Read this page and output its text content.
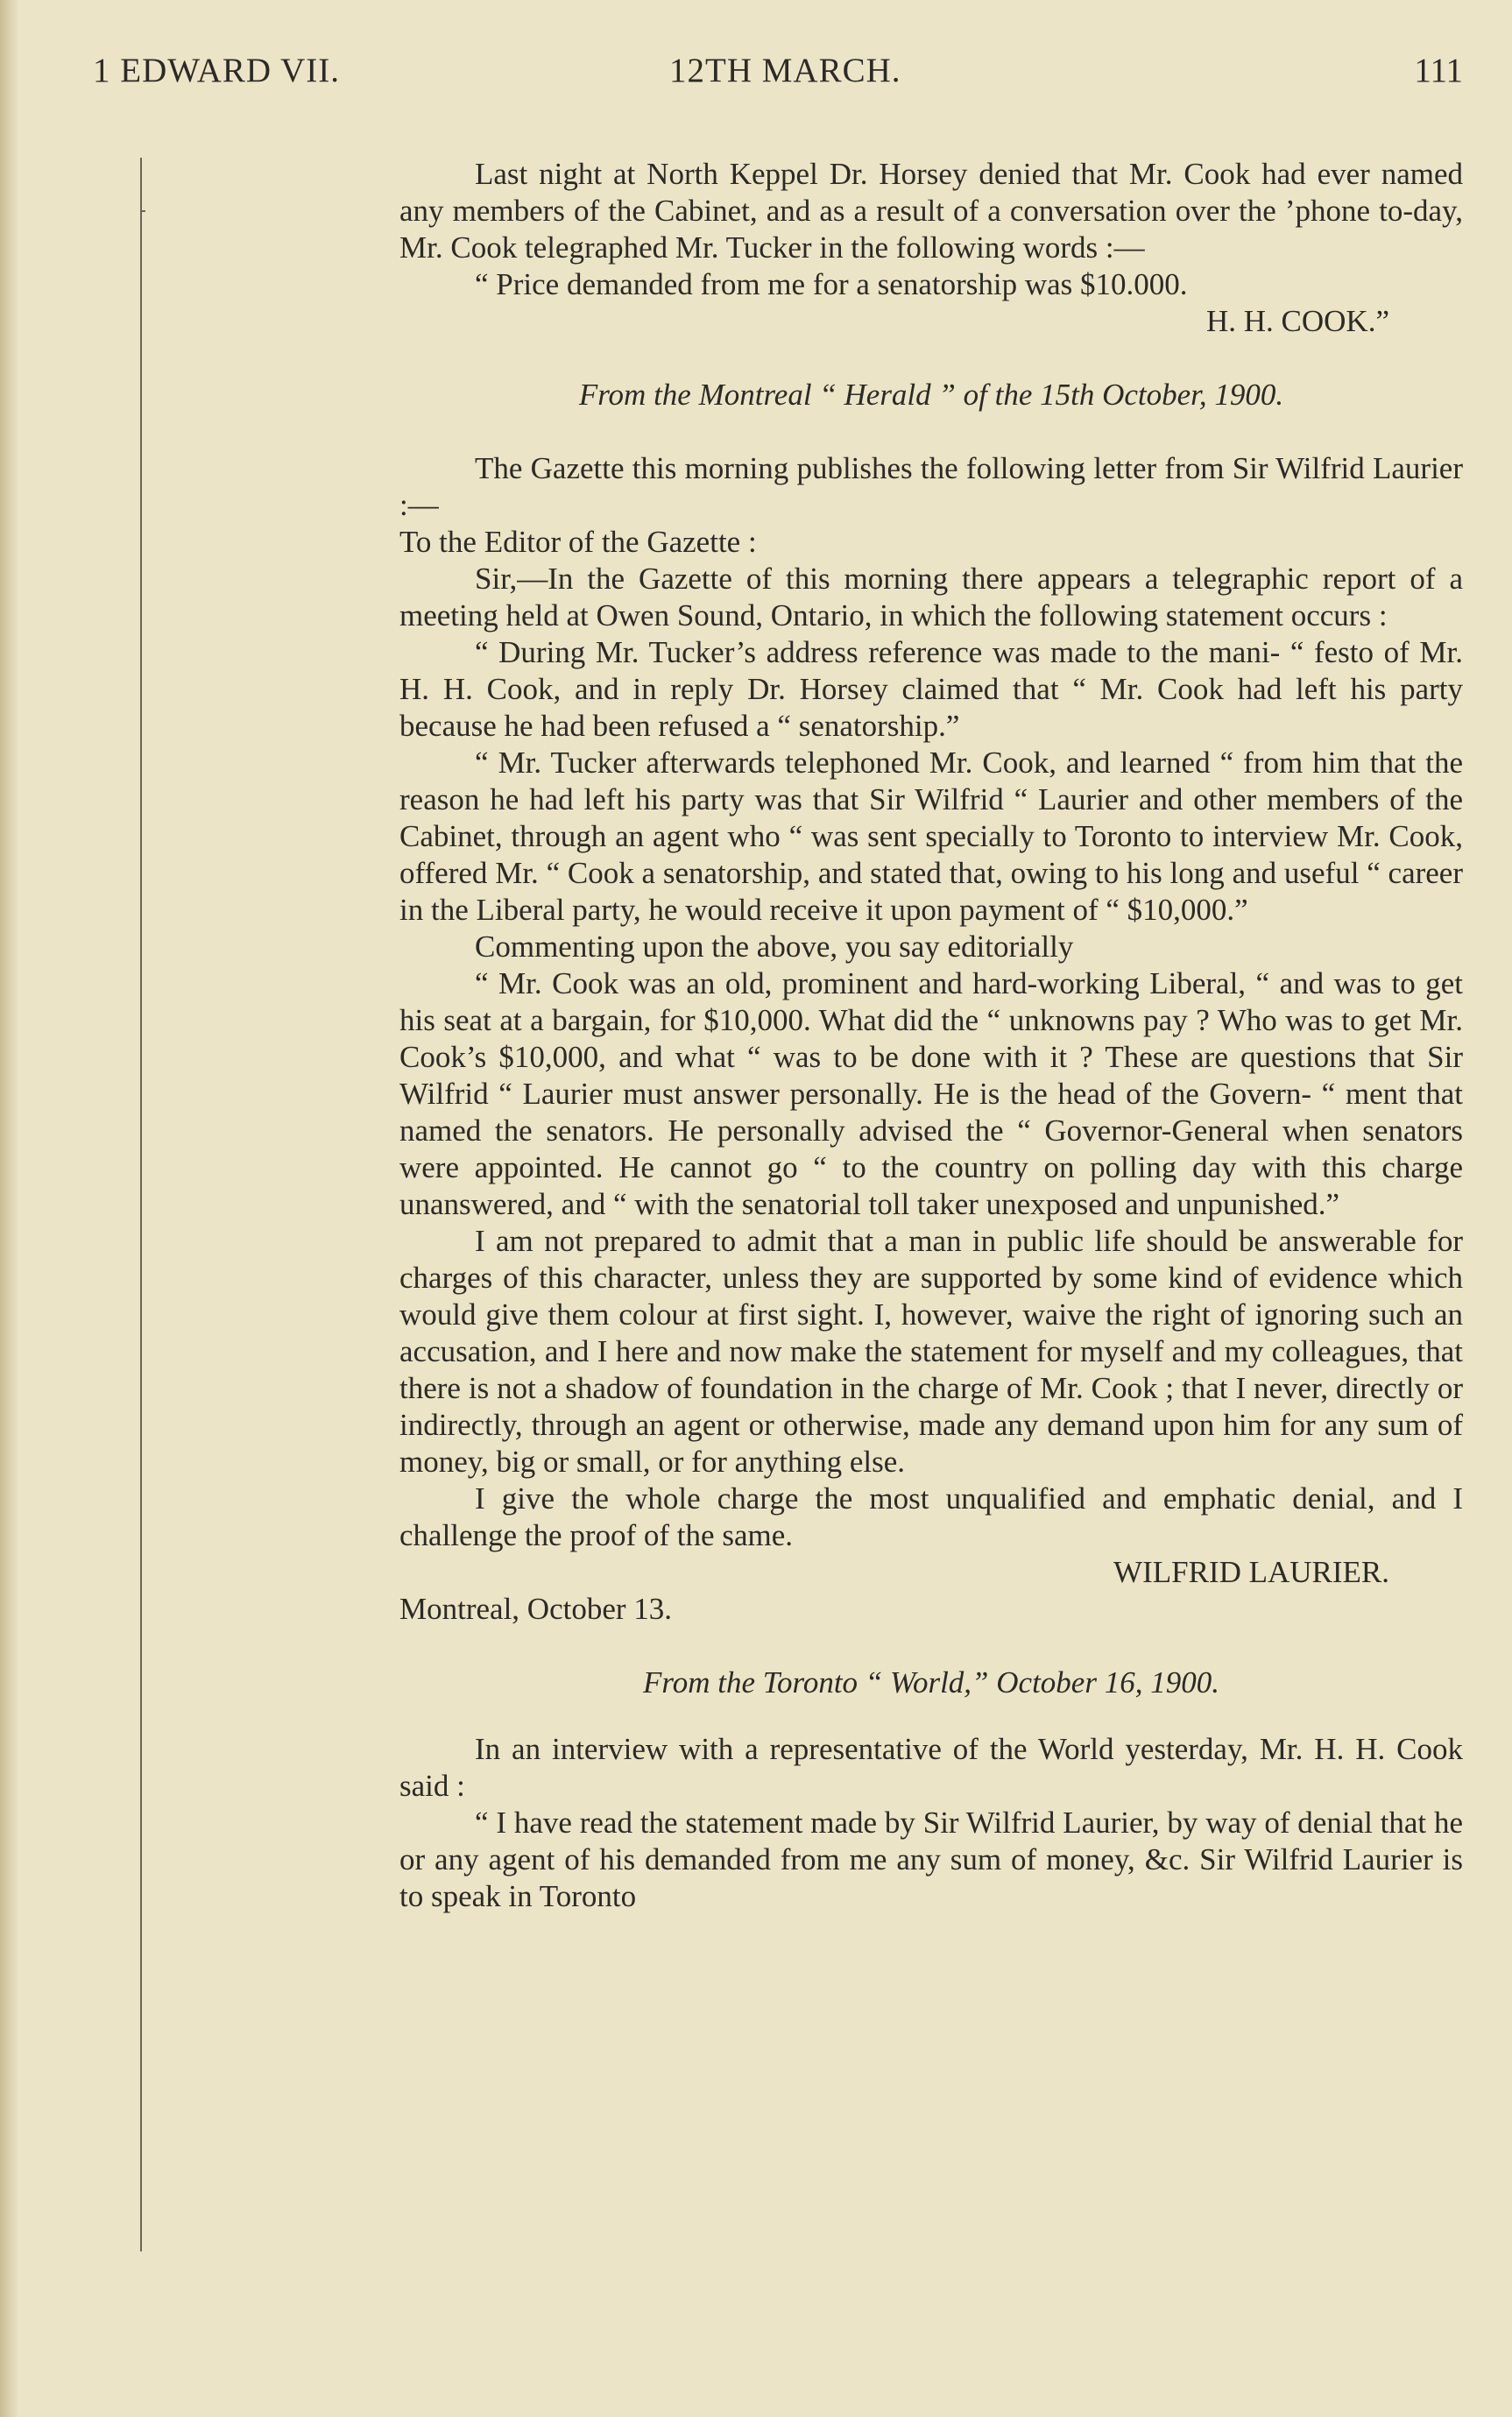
1 EDWARD VII.	12TH MARCH.	111

Last night at North Keppel Dr. Horsey denied that Mr. Cook had ever named any members of the Cabinet, and as a result of a conversation over the ’phone to-day, Mr. Cook telegraphed Mr. Tucker in the following words :—

“ Price demanded from me for a senatorship was $10.000.

H. H. COOK.”

From the Montreal “ Herald ” of the 15th October, 1900.

The Gazette this morning publishes the following letter from Sir Wilfrid Laurier :—

To the Editor of the Gazette :

Sir,—In the Gazette of this morning there appears a telegraphic report of a meeting held at Owen Sound, Ontario, in which the following statement occurs :

“ During Mr. Tucker’s address reference was made to the mani- “ festo of Mr. H. H. Cook, and in reply Dr. Horsey claimed that “ Mr. Cook had left his party because he had been refused a “ senatorship.”

“ Mr. Tucker afterwards telephoned Mr. Cook, and learned “ from him that the reason he had left his party was that Sir Wilfrid “ Laurier and other members of the Cabinet, through an agent who “ was sent specially to Toronto to interview Mr. Cook, offered Mr. “ Cook a senatorship, and stated that, owing to his long and useful “ career in the Liberal party, he would receive it upon payment of “ $10,000.”

Commenting upon the above, you say editorially

“ Mr. Cook was an old, prominent and hard-working Liberal, “ and was to get his seat at a bargain, for $10,000. What did the “ unknowns pay ? Who was to get Mr. Cook’s $10,000, and what “ was to be done with it ? These are questions that Sir Wilfrid “ Laurier must answer personally. He is the head of the Govern- “ ment that named the senators. He personally advised the “ Governor-General when senators were appointed. He cannot go “ to the country on polling day with this charge unanswered, and “ with the senatorial toll taker unexposed and unpunished.”

I am not prepared to admit that a man in public life should be answerable for charges of this character, unless they are supported by some kind of evidence which would give them colour at first sight. I, however, waive the right of ignoring such an accusation, and I here and now make the statement for myself and my colleagues, that there is not a shadow of foundation in the charge of Mr. Cook ; that I never, directly or indirectly, through an agent or otherwise, made any demand upon him for any sum of money, big or small, or for anything else.

I give the whole charge the most unqualified and emphatic denial, and I challenge the proof of the same.

WILFRID LAURIER.

Montreal, October 13.

From the Toronto “ World,” October 16, 1900.

In an interview with a representative of the World yesterday, Mr. H. H. Cook said :

“ I have read the statement made by Sir Wilfrid Laurier, by way of denial that he or any agent of his demanded from me any sum of money, &c. Sir Wilfrid Laurier is to speak in Toronto
